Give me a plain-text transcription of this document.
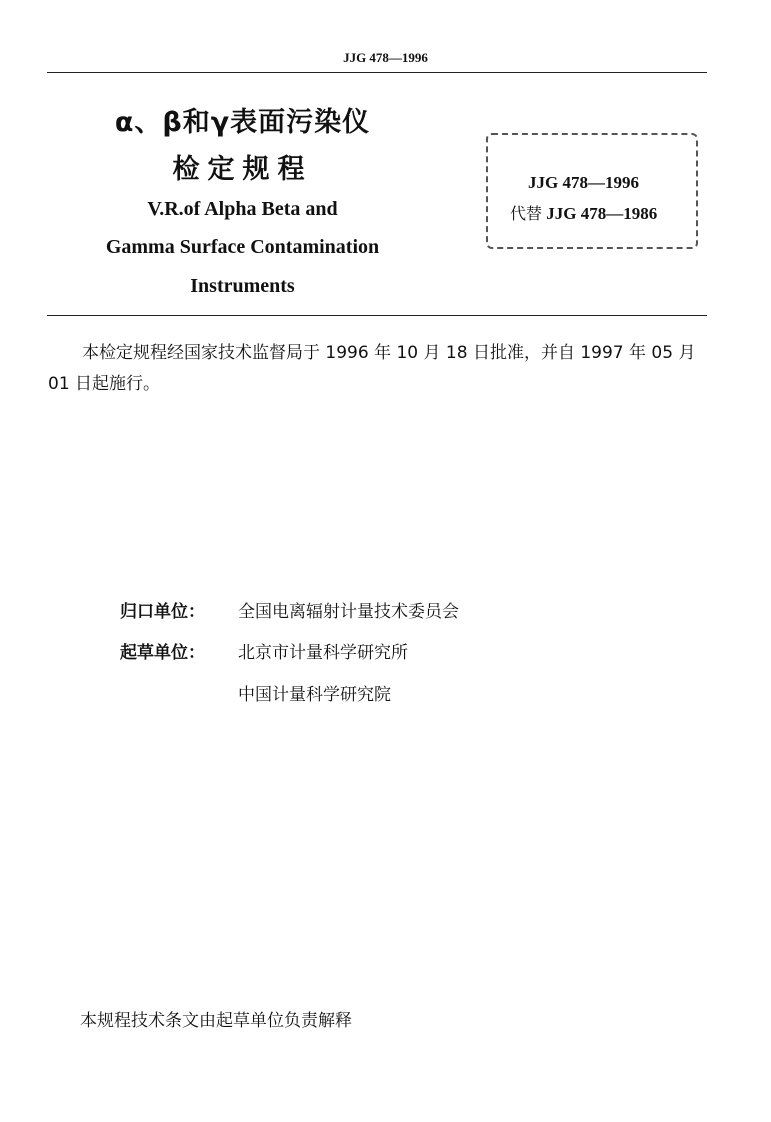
JJG 478—1996
α、β和γ表面污染仪
检定规程
V.R.of Alpha Beta and
Gamma Surface Contamination
Instruments
JJG 478—1996
代替 JJG 478—1986
本检定规程经国家技术监督局于 1996 年 10 月 18 日批准，并自 1997 年 05 月 01 日起施行。
归口单位： 全国电离辐射计量技术委员会
起草单位： 北京市计量科学研究所
中国计量科学研究院
本规程技术条文由起草单位负责解释
